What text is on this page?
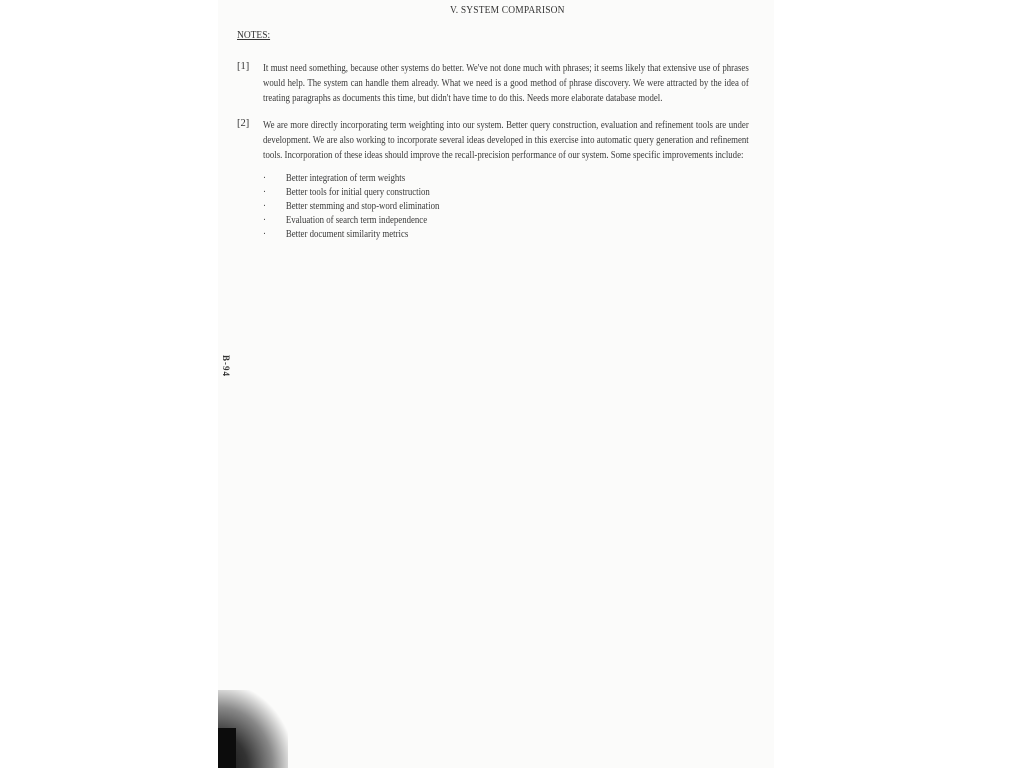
V. SYSTEM COMPARISON
NOTES:
[1] It must need something, because other systems do better. We've not done much with phrases; it seems likely that extensive use of phrases would help. The system can handle them already. What we need is a good method of phrase discovery. We were attracted by the idea of treating paragraphs as documents this time, but didn't have time to do this. Needs more elaborate database model.
[2] We are more directly incorporating term weighting into our system. Better query construction, evaluation and refinement tools are under development. We are also working to incorporate several ideas developed in this exercise into automatic query generation and refinement tools. Incorporation of these ideas should improve the recall-precision performance of our system. Some specific improvements include:
· Better integration of term weights
· Better tools for initial query construction
· Better stemming and stop-word elimination
· Evaluation of search term independence
· Better document similarity metrics
B-94
